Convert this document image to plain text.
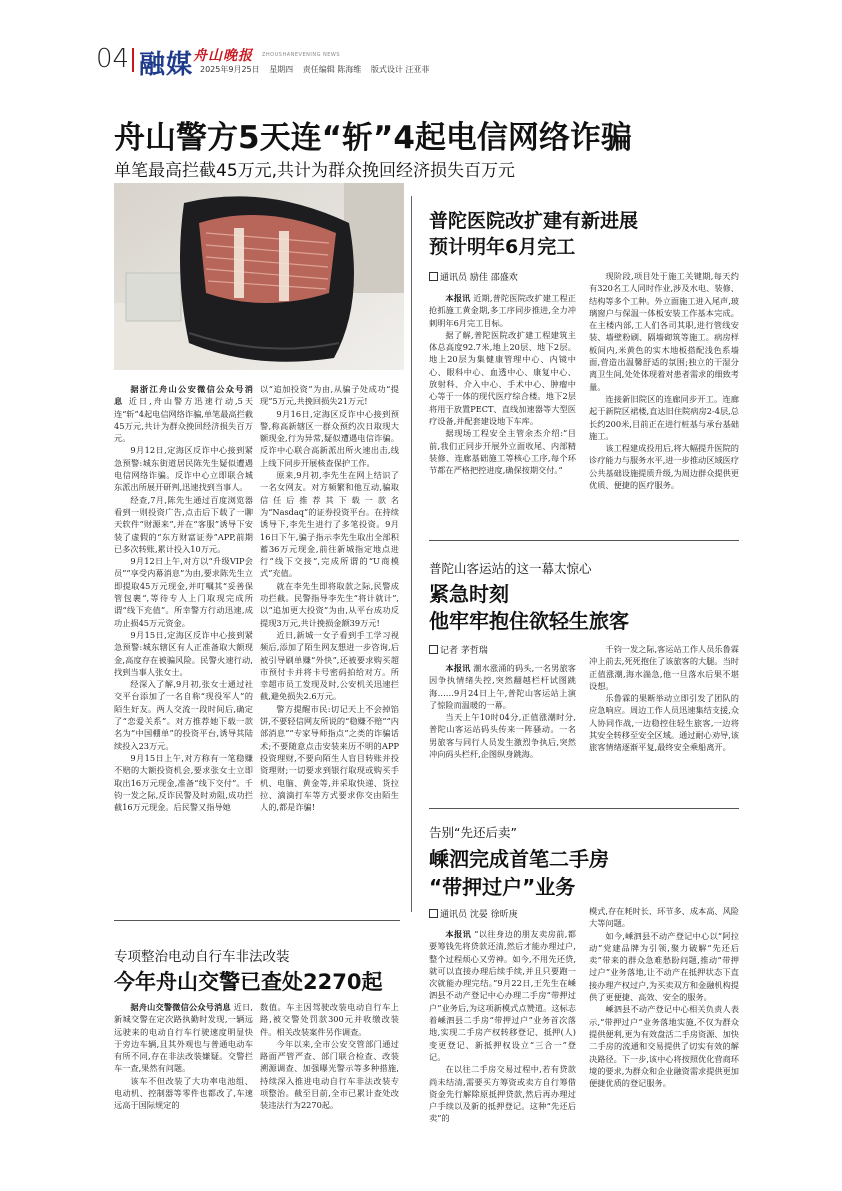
04 融媒 舟山晚报 ZHOUSHANEVENING NEWS
2025年9月25日 星期四 责任编辑 陈海维 版式设计 汪亚菲
舟山警方5天连“斩”4起电信网络诈骗
单笔最高拦截45万元,共计为群众挽回经济损失百万元

据浙江舟山公安微信公众号消息 近日,舟山警方迅速行动,5天连“斩”4起电信网络诈骗,单笔最高拦截45万元,共计为群众挽回经济损失百万元。

9月12日,定海区反诈中心接到紧急预警:城东街道居民陈先生疑似遭遇电信网络诈骗。反诈中心立即联合城东派出所展开研判,迅速找到当事人。

经查,7月,陈先生通过百度浏览器看到一则投资广告,点击后下载了一聊天软件“财源来”,并在“客服”诱导下安装了虚假的“东方财富证券”APP,前期已多次转账,累计投入10万元。

9月12日上午,对方以“升级VIP会员”“享受内幕消息”为由,要求陈先生立即提取45万元现金,并叮嘱其“妥善保管包裹”,等待专人上门取现完成所谓“线下充值”。所幸警方行动迅速,成功止损45万元资金。

9月15日,定海区反诈中心接到紧急预警:城东辖区有人正准备取大额现金,高度存在被骗风险。民警火速行动,找到当事人张女士。

经深入了解,9月初,张女士通过社交平台添加了一名自称“现役军人”的陌生好友。两人交流一段时间后,确定了“恋爱关系”。对方推荐她下载一款名为“中国棚单”的投资平台,诱导其陆续投入23万元。

9月15日上午,对方称有一笔稳赚不赔的大额投资机会,要求张女士立即取出16万元现金,准备“线下交付”。千钧一发之际,反诈民警及时劝阻,成功拦截16万元现金。后民警又指导她

以“追加投资”为由,从骗子处成功“提现”5万元,共挽回损失21万元!

9月16日,定海区反诈中心接到预警,称高新辖区一群众预约次日取现大额现金,行为异常,疑似遭遇电信诈骗。反诈中心联合高新派出所火速出击,线上线下同步开展核查保护工作。

原来,9月初,李先生在网上结识了一名女网友。对方频繁和他互动,骗取信任后推荐其下载一款名为“Nasdaq”的证券投资平台。在持续诱导下,李先生进行了多笔投资。9月16日下午,骗子指示李先生取出全部积蓄36万元现金,前往新城指定地点进行“线下交接”,完成所谓的“U商模式”充值。

就在李先生即将取款之际,民警成功拦截。民警指导李先生“将计就计”,以“追加更大投资”为由,从平台成功反提现3万元,共计挽损金额39万元!

近日,新城一女子看到手工学习视频后,添加了陌生网友想进一步咨询,后被引导刷单赚“外快”,还被要求购买超市预付卡并将卡号密码拍给对方。所幸超市员工发现及时,公安机关迅速拦截,避免损失2.6万元。

警方提醒市民:切记天上不会掉馅饼,不要轻信网友所说的“稳赚不赔”“内部消息”“专家导师指点”之类的诈骗话术;不要随意点击安装来历不明的APP投资理财,不要向陌生人盲目转账并投资理财;一切要求到银行取现或购买手机、电脑、黄金等,并采取快递、货拉拉、滴滴打车等方式要求你交由陌生人的,都是诈骗!

普陀医院改扩建有新进展
预计明年6月完工
通讯员 励佳 邵盛欢

本报讯 近期,普陀医院改扩建工程正抢抓施工黄金期,多工序同步推进,全力冲刺明年6月完工目标。

据了解,普陀医院改扩建工程建筑主体总高度92.7米,地上20层、地下2层。地上20层为集健康管理中心、内镜中心、眼科中心、血透中心、康复中心、放射科、介入中心、手术中心、肿瘤中心等于一体的现代医疗综合楼。地下2层将用于放置PECT、直线加速器等大型医疗设备,并配套建设地下车库。

据现场工程安全主管余杰介绍:“目前,我们正同步开展外立面收尾、内部精装修、连廊基础施工等核心工序,每个环节都在严格把控进度,确保按期交付。”

现阶段,项目处于施工关键期,每天约有320名工人同时作业,涉及水电、装修、结构等多个工种。外立面施工进入尾声,玻璃窗户与保温一体板安装工作基本完成。在主楼内部,工人们各司其职,进行管线安装、墙壁粉刷、隔墙砌筑等施工。病房样板间内,米黄色的实木地板搭配浅色系墙面,营造出温馨舒适的氛围;独立的干湿分离卫生间,处处体现着对患者需求的细致考量。

连接新旧院区的连廊同步开工。连廊起于新院区裙楼,直达旧住院病房2-4层,总长约200米,目前正在进行桩基与承台基础施工。

该工程建成投用后,将大幅提升医院的诊疗能力与服务水平,进一步推动区域医疗公共基础设施提质升级,为周边群众提供更优质、便捷的医疗服务。

普陀山客运站的这一幕太惊心
紧急时刻
他牢牢抱住欲轻生旅客
记者 茅哲瑞

本报讯 潮水涨涌的码头,一名男旅客因争执情绪失控,突然翻越栏杆试图跳海……9月24日上午,普陀山客运站上演了惊险而温暖的一幕。

当天上午10时04分,正值涨潮时分,普陀山客运站码头传来一阵骚动。一名男旅客与同行人员发生激烈争执后,突然冲向码头栏杆,企图纵身跳海。

千钧一发之际,客运站工作人员乐鲁霖冲上前去,死死抱住了该旅客的大腿。当时正值涨潮,海水湍急,他一旦落水后果不堪设想。

乐鲁霖的果断举动立即引发了团队的应急响应。周边工作人员迅速集结支援,众人协同作战,一边稳控住轻生旅客,一边将其安全转移至安全区域。通过耐心劝导,该旅客情绪逐渐平复,最终安全乘船离开。

告别“先还后卖”
嵊泗完成首笔二手房
“带押过户”业务
通讯员 沈晏 徐昕庚

本报讯 “以往身边的朋友卖房前,都要筹钱先将贷款还清,然后才能办理过户,整个过程烦心又劳神。如今,不用先还贷,就可以直接办理后续手续,并且只要跑一次就能办理完结。”9月22日,王先生在嵊泗县不动产登记中心办理二手房“带押过户”业务后,为这项新模式点赞道。这标志着嵊泗县二手房“带押过户”业务首次落地,实现二手房产权转移登记、抵押(人)变更登记、新抵押权设立“三合一”登记。

在以往二手房交易过程中,若有贷款尚未结清,需要买方筹资或卖方自行筹借资金先行解除原抵押贷款,然后再办理过户手续以及新的抵押登记。这种“先还后卖”的

模式,存在耗时长、环节多、成本高、风险大等问题。

如今,嵊泗县不动产登记中心以“阿拉动”党建品牌为引领,聚力破解“先还后卖”带来的群众急难愁盼问题,推动“带押过户”业务落地,让不动产在抵押状态下直接办理产权过户,为买卖双方和金融机构提供了更便捷、高效、安全的服务。

嵊泗县不动产登记中心相关负责人表示,“带押过户”业务落地实施,不仅为群众提供便利,更为有效盘活二手房资源、加快二手房的流通和交易提供了切实有效的解决路径。下一步,该中心将按照优化营商环境的要求,为群众和企业融资需求提供更加便捷优质的登记服务。

专项整治电动自行车非法改装
今年舟山交警已查处2270起

据舟山交警微信公众号消息 近日,新城交警在定次路执勤时发现,一辆远远驶来的电动自行车行驶速度明显快于旁边车辆,且其外观也与普通电动车有所不同,存在非法改装嫌疑。交警拦车一查,果然有问题。

该车不但改装了大功率电池组、电动机、控制器等零件也都改了,车速远高于国际规定的

数值。车主因驾驶改装电动自行车上路,被交警处罚款300元并收缴改装件。相关改装案件另作调查。

今年以来,全市公安交管部门通过路面严管严查、部门联合检查、改装溯源调查、加强曝光警示等多种措施,持续深入推进电动自行车非法改装专项整治。截至目前,全市已累计查处改装违法行为2270起。
